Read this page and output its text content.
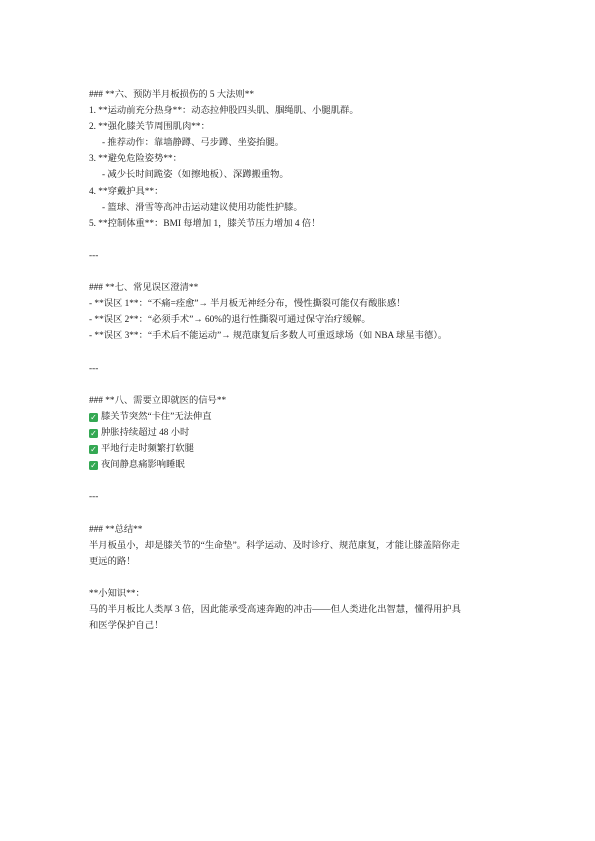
### **六、预防半月板损伤的 5 大法则**
1. **运动前充分热身**：动态拉伸股四头肌、腘绳肌、小腿肌群。
2. **强化膝关节周围肌肉**：
- 推荐动作：靠墙静蹲、弓步蹲、坐姿抬腿。
3. **避免危险姿势**：
- 减少长时间跪姿（如擦地板）、深蹲搬重物。
4. **穿戴护具**：
- 篮球、滑雪等高冲击运动建议使用功能性护膝。
5. **控制体重**：BMI 每增加 1，膝关节压力增加 4 倍！
---
### **七、常见误区澄清**
- **误区 1**：“不痛=痊愈”→ 半月板无神经分布，慢性撕裂可能仅有酸胀感！
- **误区 2**：“必须手术”→ 60%的退行性撕裂可通过保守治疗缓解。
- **误区 3**：“手术后不能运动”→ 规范康复后多数人可重返球场（如 NBA 球星韦德）。
---
### **八、需要立即就医的信号**
✓ 膝关节突然“卡住”无法伸直
✓ 肿胀持续超过 48 小时
✓ 平地行走时频繁打软腿
✓ 夜间静息痛影响睡眠
---
### **总结**
半月板虽小，却是膝关节的“生命垫”。科学运动、及时诊疗、规范康复，才能让膝盖陪你走
更远的路！
**小知识**：
马的半月板比人类厚 3 倍，因此能承受高速奔跑的冲击——但人类进化出智慧，懂得用护具
和医学保护自己！
